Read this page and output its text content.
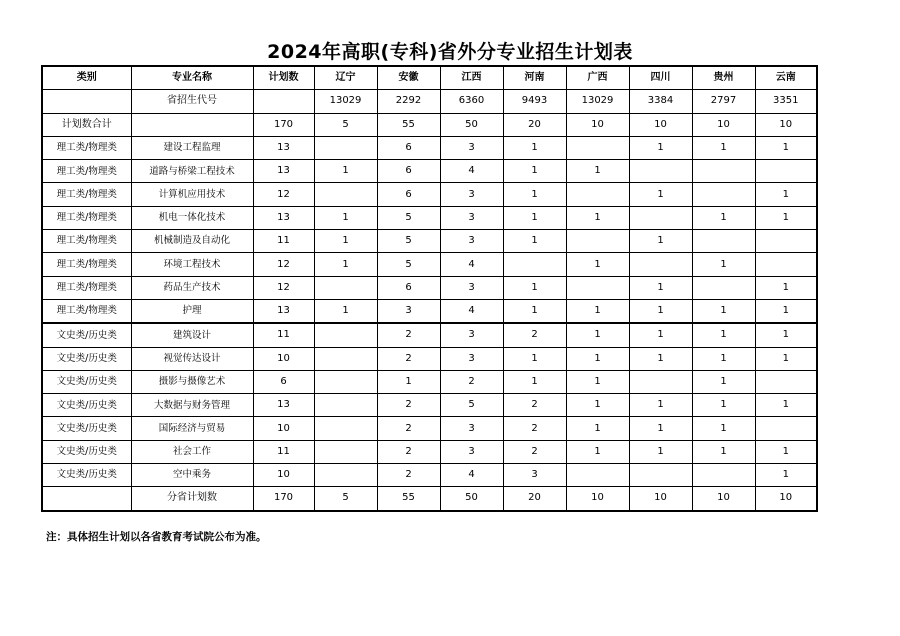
2024年高职(专科)省外分专业招生计划表
类别	专业名称	计划数	辽宁	安徽	江西	河南	广西	四川	贵州	云南
	省招生代号		13029	2292	6360	9493	13029	3384	2797	3351
计划数合计		170	5	55	50	20	10	10	10	10
理工类/物理类	建设工程监理	13		6	3	1		1	1	1
理工类/物理类	道路与桥梁工程技术	13	1	6	4	1	1			
理工类/物理类	计算机应用技术	12		6	3	1		1		1
理工类/物理类	机电一体化技术	13	1	5	3	1	1		1	1
理工类/物理类	机械制造及自动化	11	1	5	3	1		1		
理工类/物理类	环境工程技术	12	1	5	4		1		1	
理工类/物理类	药品生产技术	12		6	3	1		1		1
理工类/物理类	护理	13	1	3	4	1	1	1	1	1
文史类/历史类	建筑设计	11		2	3	2	1	1	1	1
文史类/历史类	视觉传达设计	10		2	3	1	1	1	1	1
文史类/历史类	摄影与摄像艺术	6		1	2	1	1		1	
文史类/历史类	大数据与财务管理	13		2	5	2	1	1	1	1
文史类/历史类	国际经济与贸易	10		2	3	2	1	1	1	
文史类/历史类	社会工作	11		2	3	2	1	1	1	1
文史类/历史类	空中乘务	10		2	4	3				1
	分省计划数	170	5	55	50	20	10	10	10	10
注：具体招生计划以各省教育考试院公布为准。
